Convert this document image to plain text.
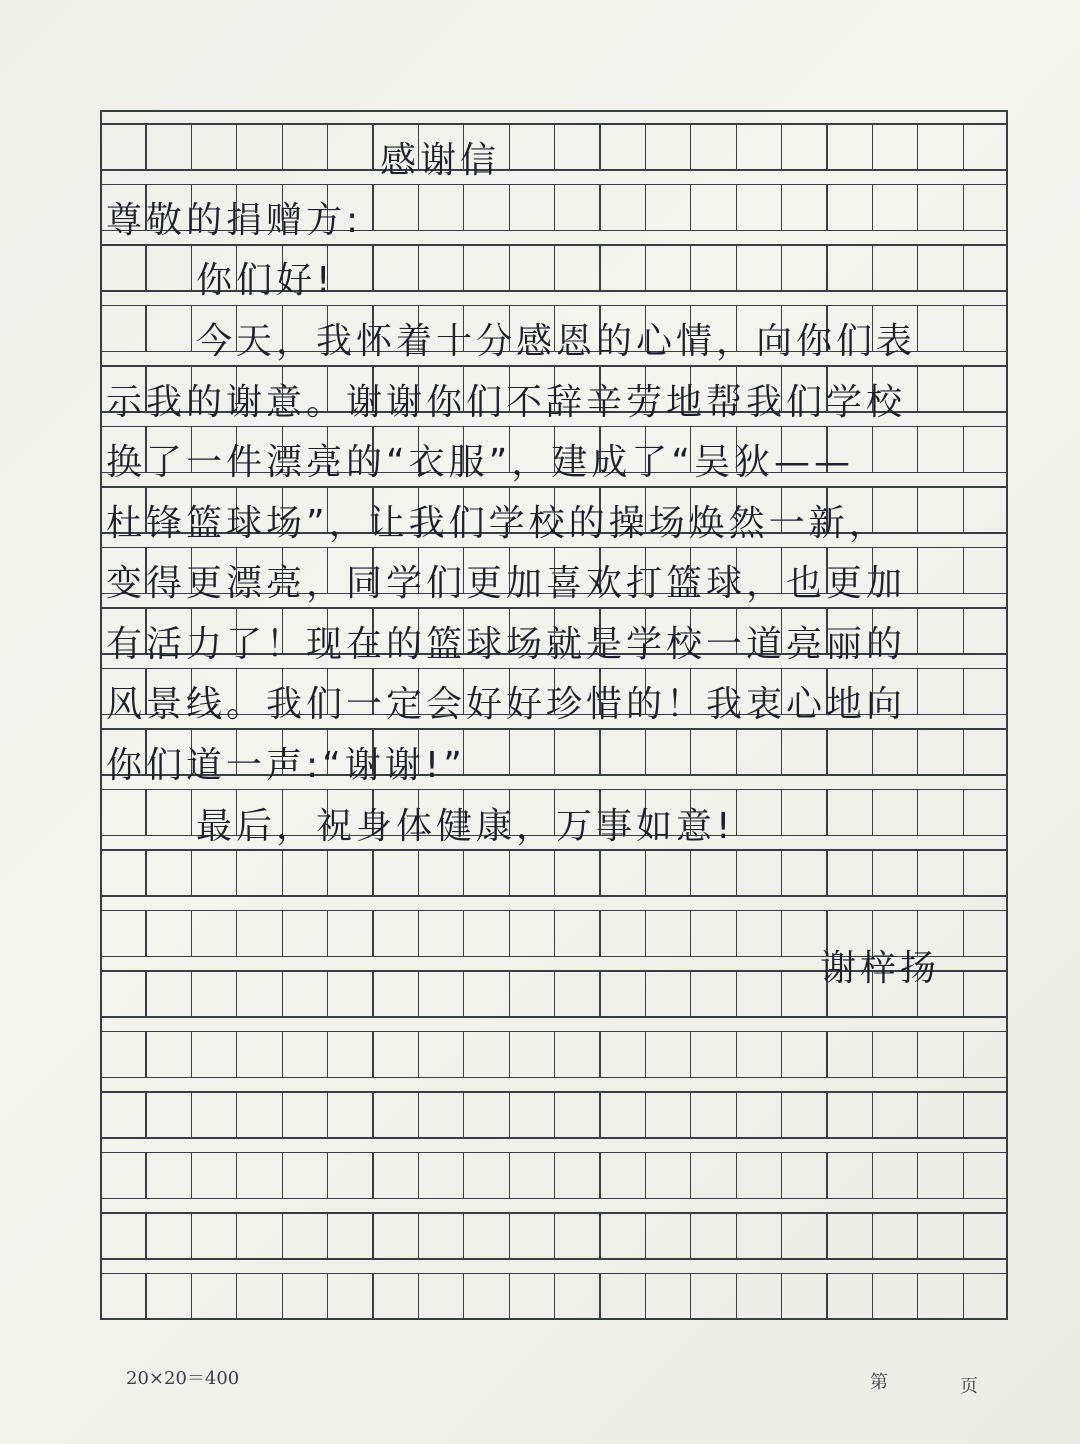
感谢信
尊敬的捐赠方:
你们好!
今天，我怀着十分感恩的心情，向你们表
示我的谢意。谢谢你们不辞辛劳地帮我们学校
换了一件漂亮的“衣服”，建成了“吴狄——
杜锋篮球场”，让我们学校的操场焕然一新，
变得更漂亮，同学们更加喜欢打篮球，也更加
有活力了！现在的篮球场就是学校一道亮丽的
风景线。我们一定会好好珍惜的！我衷心地向
你们道一声:“谢谢!”
最后，祝身体健康，万事如意!
谢梓扬
20×20＝400	第	页
